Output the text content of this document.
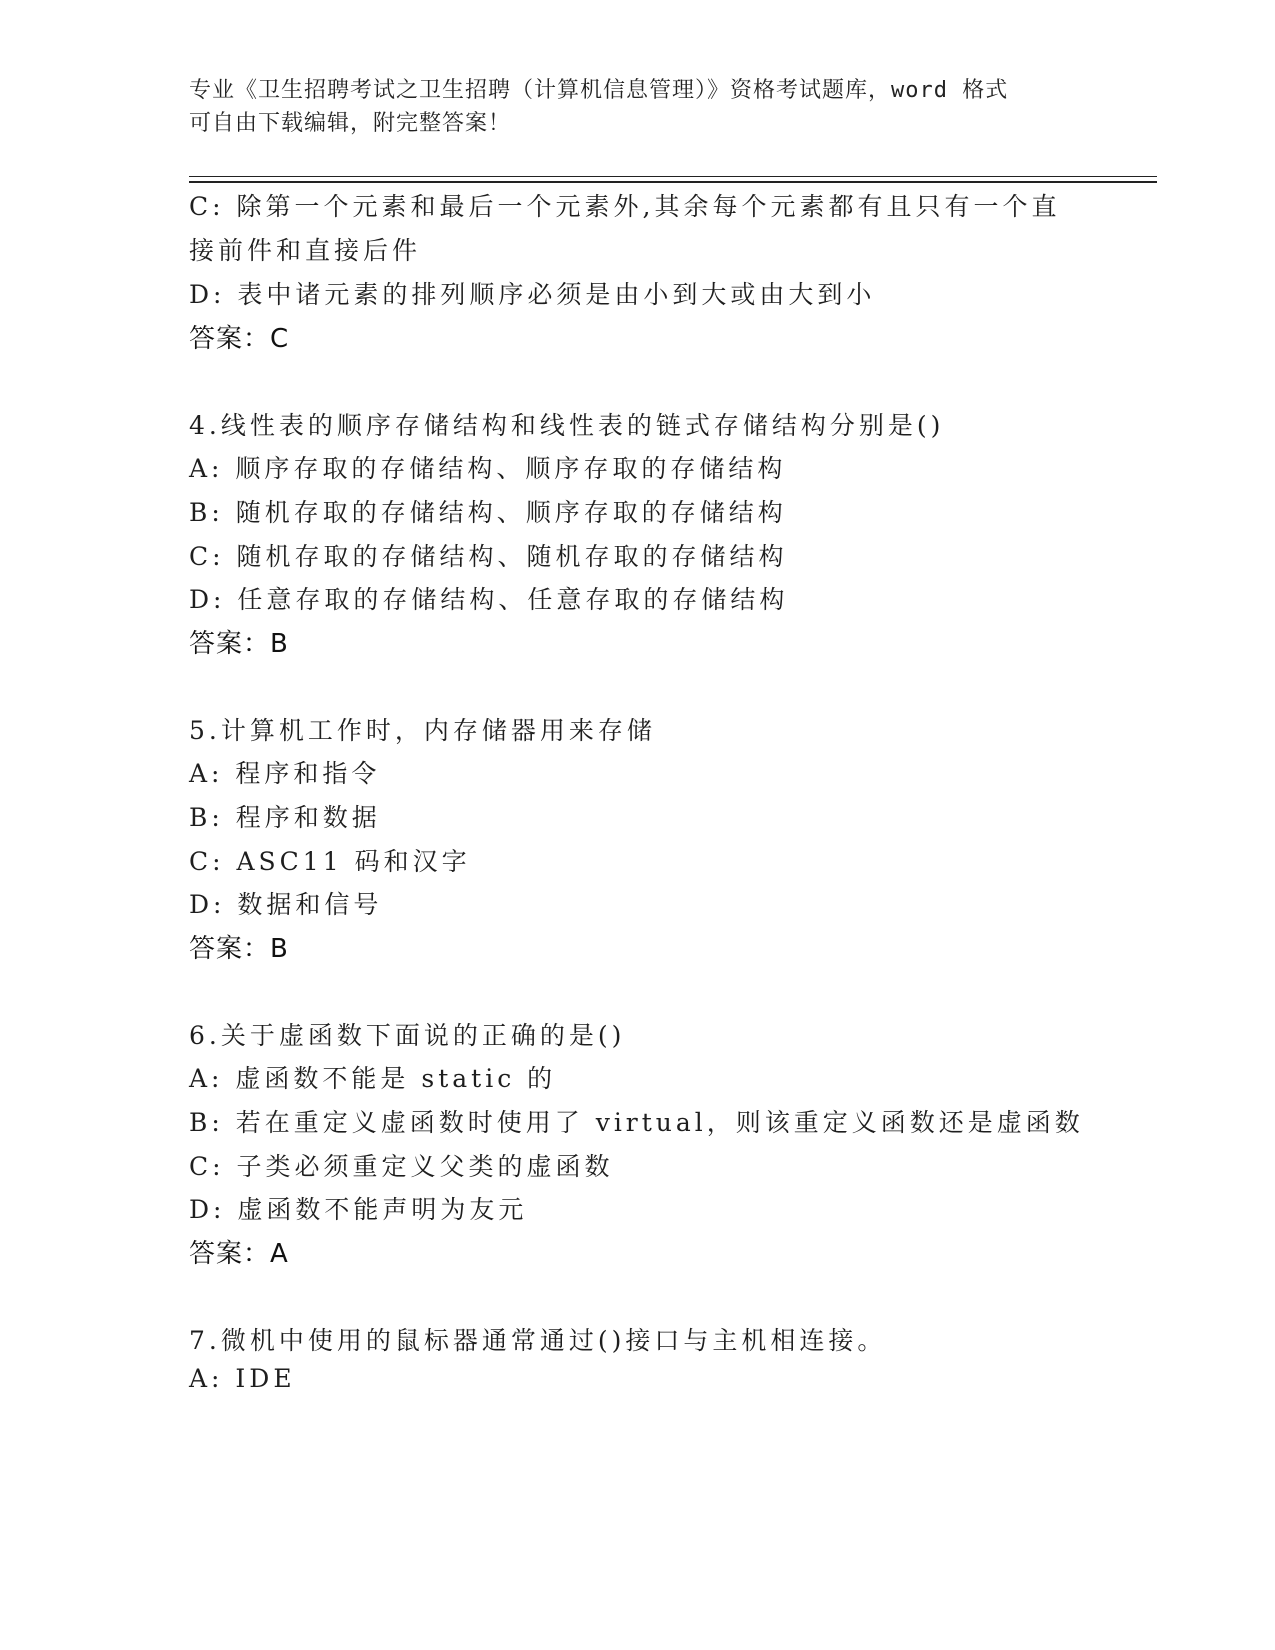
专业《卫生招聘考试之卫生招聘（计算机信息管理）》资格考试题库，word 格式
可自由下载编辑，附完整答案！
C: 除第一个元素和最后一个元素外,其余每个元素都有且只有一个直
接前件和直接后件
D: 表中诸元素的排列顺序必须是由小到大或由大到小
答案：C
4.线性表的顺序存储结构和线性表的链式存储结构分别是()
A: 顺序存取的存储结构、顺序存取的存储结构
B: 随机存取的存储结构、顺序存取的存储结构
C: 随机存取的存储结构、随机存取的存储结构
D: 任意存取的存储结构、任意存取的存储结构
答案：B
5.计算机工作时，内存储器用来存储
A: 程序和指令
B: 程序和数据
C: ASC11 码和汉字
D: 数据和信号
答案：B
6.关于虚函数下面说的正确的是()
A: 虚函数不能是 static 的
B: 若在重定义虚函数时使用了 virtual，则该重定义函数还是虚函数
C: 子类必须重定义父类的虚函数
D: 虚函数不能声明为友元
答案：A
7.微机中使用的鼠标器通常通过()接口与主机相连接。
A: IDE
